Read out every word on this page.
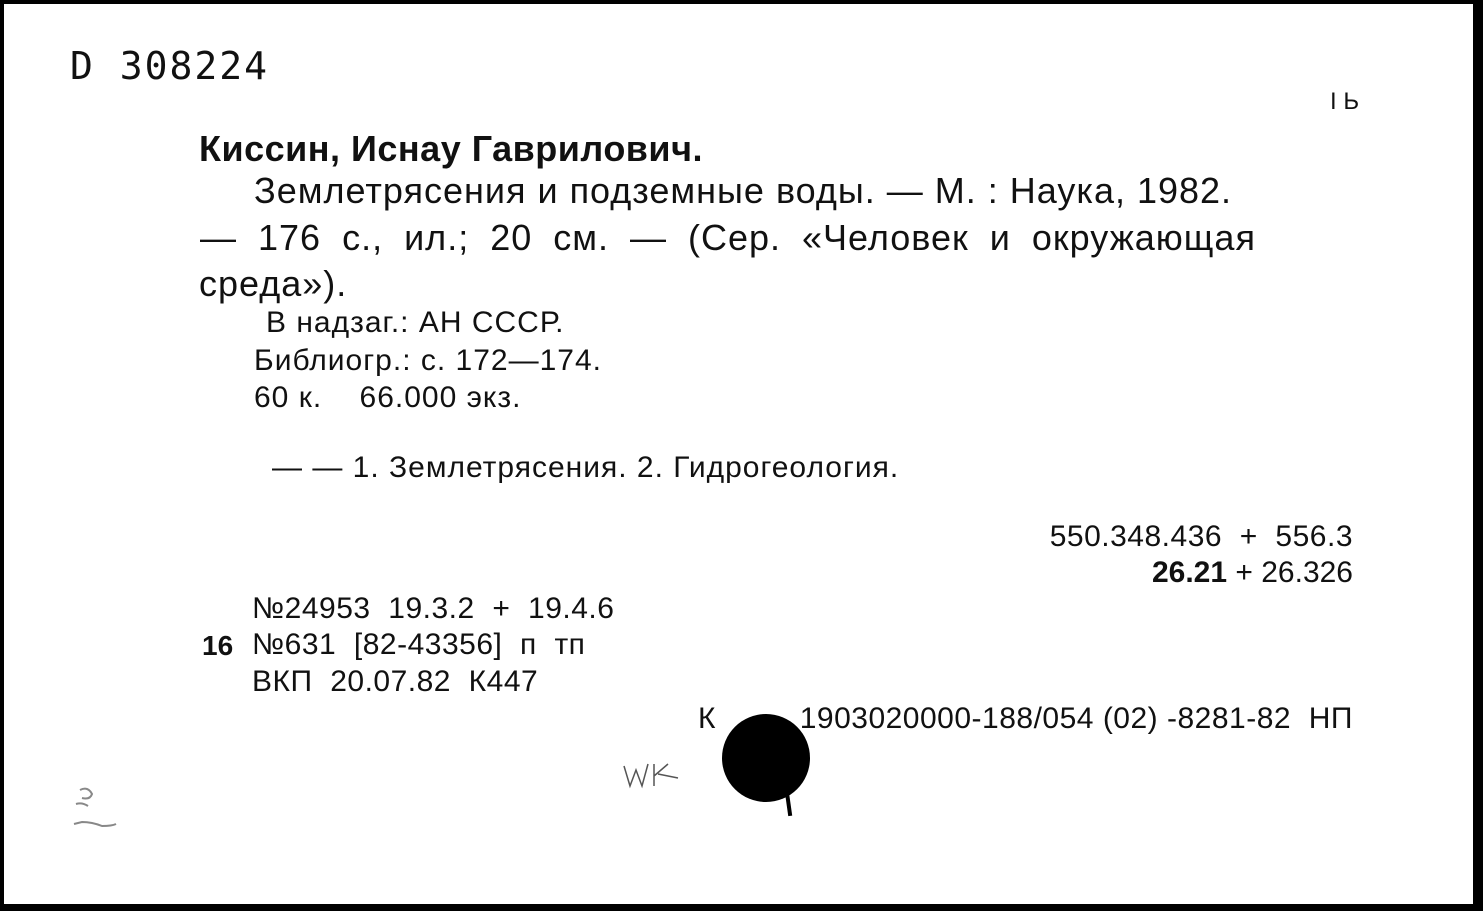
D 308224
I Ь
Киссин, Иснау Гаврилович.
Землетрясения и подземные воды. — М. : Наука, 1982.
— 176 с., ил.; 20 см. — (Сер. «Человек и окружающая
среда»).
В надзаг.: АН СССР.
Библиогр.: с. 172—174.
60 к.    66.000 экз.
— — 1. Землетрясения. 2. Гидрогеология.
550.348.436  +  556.3
26.21 + 26.326
№24953  19.3.2  +  19.4.6
16 №631  [82-43356]  п  тп
ВКП  20.07.82  К447
К	1903020000-188/054 (02) -8281-82  НП
